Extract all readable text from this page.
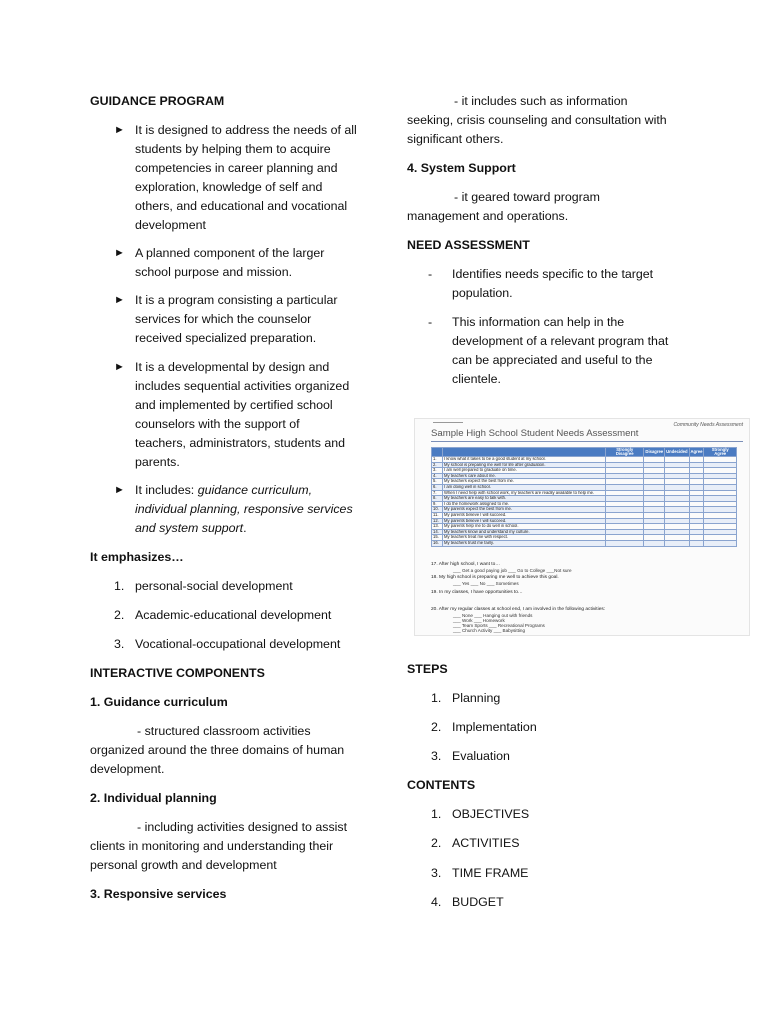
GUIDANCE PROGRAM
► It is designed to address the needs of all
students by helping them to acquire
competencies in career planning and
exploration, knowledge of self and
others, and educational and vocational
development
► A planned component of the larger
school purpose and mission.
► It is a program consisting a particular
services for which the counselor
received specialized preparation.
► It is a developmental by design and
includes sequential activities organized
and implemented by certified school
counselors with the support of
teachers, administrators, students and
parents.
► It includes: guidance curriculum,
individual planning, responsive services
and system support.
It emphasizes…
1. personal-social development
2. Academic-educational development
3. Vocational-occupational development
INTERACTIVE COMPONENTS
1. Guidance curriculum
- structured classroom activities
organized around the three domains of human
development.
2. Individual planning
- including activities designed to assist
clients in monitoring and understanding their
personal growth and development
3. Responsive services
- it includes such as information
seeking, crisis counseling and consultation with
significant others.
4. System Support
- it geared toward program
management and operations.
NEED ASSESSMENT
- Identifies needs specific to the target
population.
- This information can help in the
development of a relevant program that
can be appreciated and useful to the
clientele.
STEPS
1. Planning
2. Implementation
3. Evaluation
CONTENTS
1. OBJECTIVES
2. ACTIVITIES
3. TIME FRAME
4. BUDGET
Community Needs Assessment
Sample High School Student Needs Assessment
		Strongly Disagree	Disagree	Undecided	Agree	Strongly Agree
1.	I know what it takes to be a good student at my school.					
2.	My school is preparing me well for life after graduation.					
3.	I am well prepared to graduate on time.					
4.	My teachers care about me.					
5.	My teachers expect the best from me.					
6.	I am doing well in school.					
7.	When I need help with school work, my teachers are readily available to help me.					
8.	My teachers are easy to talk with.					
9.	I do the homework assigned to me.					
10.	My parents expect the best from me.					
11.	My parents believe I will succeed.					
12.	My parents believe I will succeed.					
13.	My parents help me to do well in school.					
14.	My teachers know and understand my culture.					
15.	My teachers treat me with respect.					
16.	My teachers trust me fairly.					
17. After high school, I want to…
___ Get a good paying job ___ Go to College ___Not sure
18. My high school is preparing me well to achieve this goal.
___ Yes ___ No ___ Sometimes
19. In my classes, I have opportunities to…
20. After my regular classes at school end, I am involved in the following activities:
___ None ___ Hanging out with friends
___ Work ___ Homework
___ Team Sports ___ Recreational Programs
___ Church Activity ___ Babysitting
